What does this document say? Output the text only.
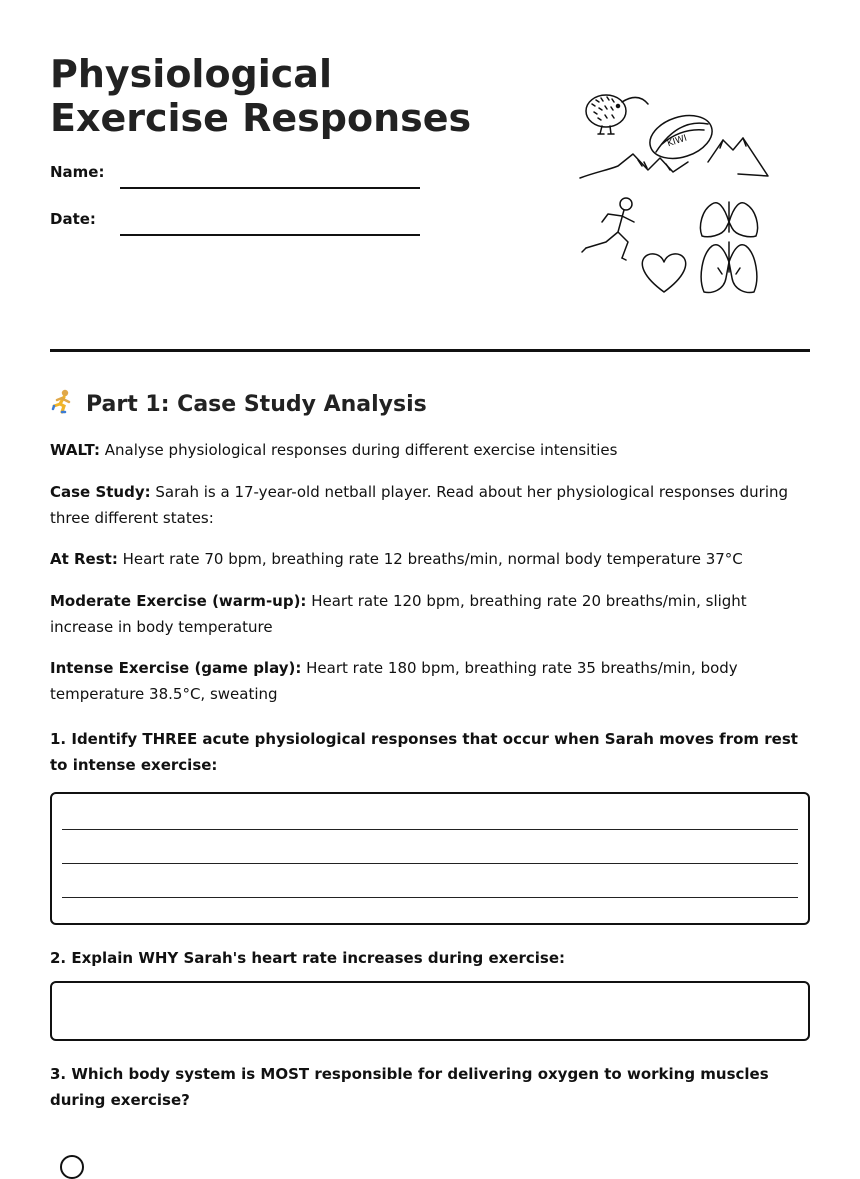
Physiological Exercise Responses
Name:
Date:
KIWI
Part 1: Case Study Analysis

WALT: Analyse physiological responses during different exercise intensities

Case Study: Sarah is a 17-year-old netball player. Read about her physiological responses during three different states:

At Rest: Heart rate 70 bpm, breathing rate 12 breaths/min, normal body temperature 37°C

Moderate Exercise (warm-up): Heart rate 120 bpm, breathing rate 20 breaths/min, slight increase in body temperature

Intense Exercise (game play): Heart rate 180 bpm, breathing rate 35 breaths/min, body temperature 38.5°C, sweating

1. Identify THREE acute physiological responses that occur when Sarah moves from rest to intense exercise:

2. Explain WHY Sarah's heart rate increases during exercise:

3. Which body system is MOST responsible for delivering oxygen to working muscles during exercise?
